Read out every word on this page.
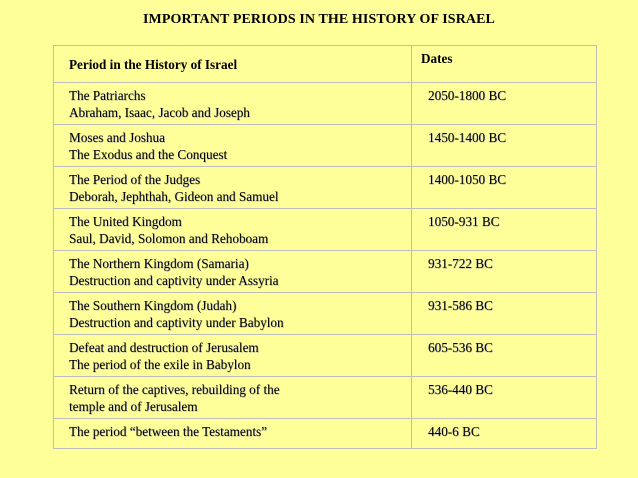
IMPORTANT PERIODS IN THE HISTORY OF ISRAEL
Period in the History of Israel	Dates

The Patriarchs
Abraham, Isaac, Jacob and Joseph	2050-1800 BC

Moses and Joshua
The Exodus and the Conquest	1450-1400 BC

The Period of the Judges
Deborah, Jephthah, Gideon and Samuel	1400-1050 BC

The United Kingdom
Saul, David, Solomon and Rehoboam	1050-931 BC

The Northern Kingdom (Samaria)
Destruction and captivity under Assyria	931-722 BC

The Southern Kingdom (Judah)
Destruction and captivity under Babylon	931-586 BC

Defeat and destruction of Jerusalem
The period of the exile in Babylon	605-536 BC

Return of the captives, rebuilding of the
temple and of Jerusalem	536-440 BC

The period “between the Testaments”	440-6 BC
